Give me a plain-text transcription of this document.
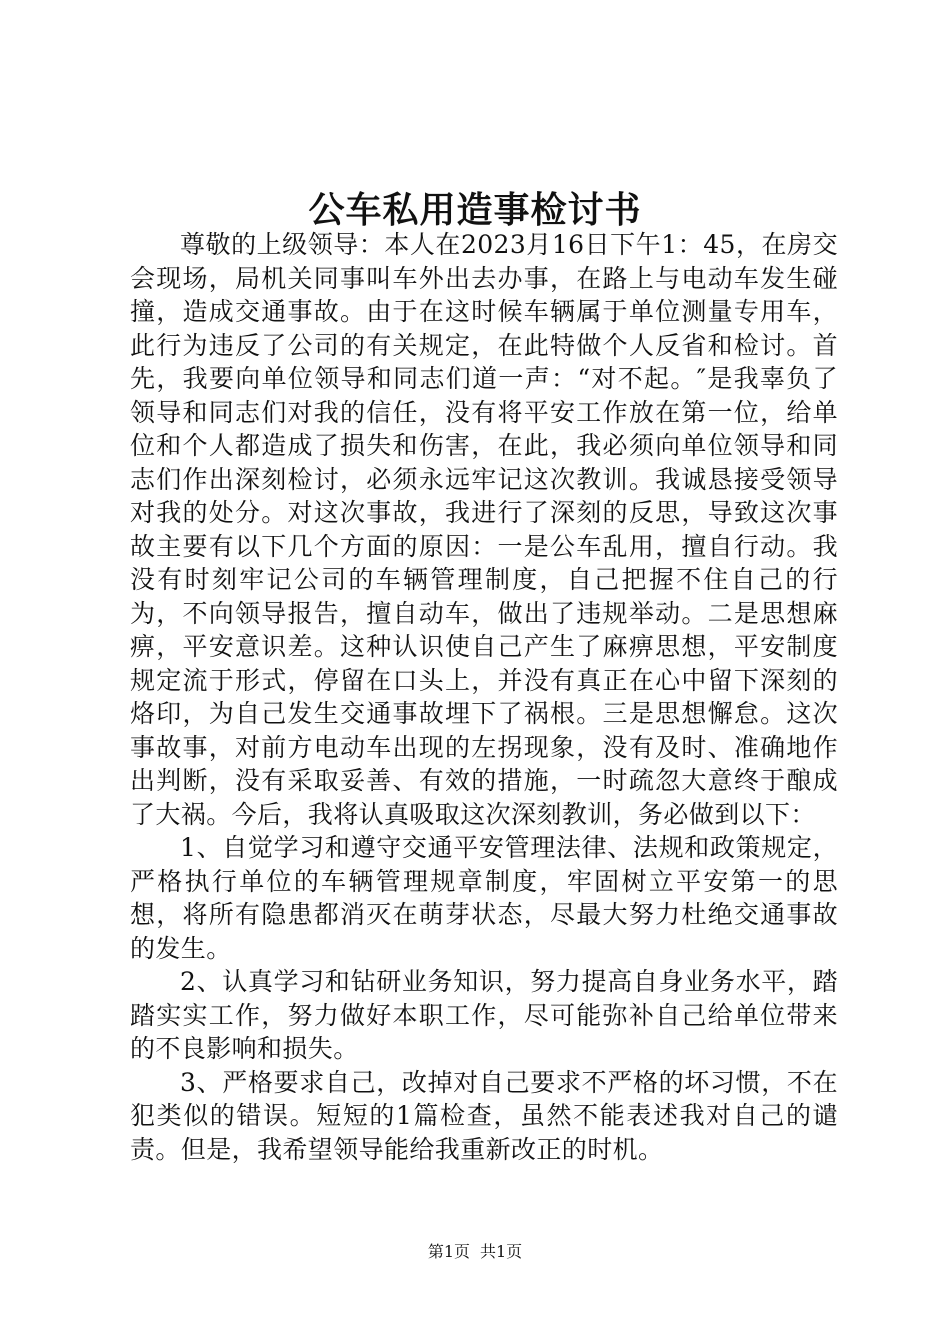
公车私用造事检讨书

尊敬的上级领导：本人在2023月16日下午1：45，在房交会现场，局机关同事叫车外出去办事，在路上与电动车发生碰撞，造成交通事故。由于在这时候车辆属于单位测量专用车，此行为违反了公司的有关规定，在此特做个人反省和检讨。首先，我要向单位领导和同志们道一声：“对不起。″是我辜负了领导和同志们对我的信任，没有将平安工作放在第一位，给单位和个人都造成了损失和伤害，在此，我必须向单位领导和同志们作出深刻检讨，必须永远牢记这次教训。我诚恳接受领导对我的处分。对这次事故，我进行了深刻的反思，导致这次事故主要有以下几个方面的原因：一是公车乱用，擅自行动。我没有时刻牢记公司的车辆管理制度，自己把握不住自己的行为，不向领导报告，擅自动车，做出了违规举动。二是思想麻痹，平安意识差。这种认识使自己产生了麻痹思想，平安制度规定流于形式，停留在口头上，并没有真正在心中留下深刻的烙印，为自己发生交通事故埋下了祸根。三是思想懈怠。这次事故事，对前方电动车出现的左拐现象，没有及时、准确地作出判断，没有采取妥善、有效的措施，一时疏忽大意终于酿成了大祸。今后，我将认真吸取这次深刻教训，务必做到以下：

1、自觉学习和遵守交通平安管理法律、法规和政策规定，严格执行单位的车辆管理规章制度，牢固树立平安第一的思想，将所有隐患都消灭在萌芽状态，尽最大努力杜绝交通事故的发生。

2、认真学习和钻研业务知识，努力提高自身业务水平，踏踏实实工作，努力做好本职工作，尽可能弥补自己给单位带来的不良影响和损失。

3、严格要求自己，改掉对自己要求不严格的坏习惯，不在犯类似的错误。短短的1篇检查，虽然不能表述我对自己的谴责。但是，我希望领导能给我重新改正的时机。

第1页 共1页
